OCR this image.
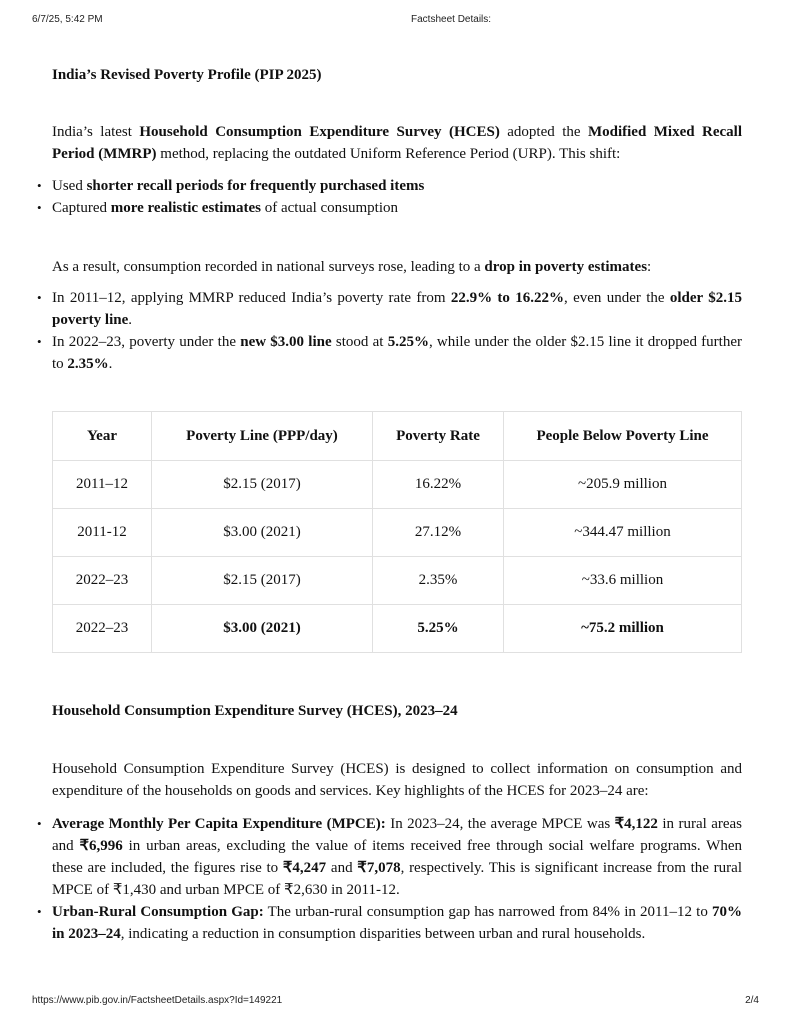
6/7/25, 5:42 PM	Factsheet Details:
India’s Revised Poverty Profile (PIP 2025)

India’s latest Household Consumption Expenditure Survey (HCES) adopted the Modified Mixed Recall Period (MMRP) method, replacing the outdated Uniform Reference Period (URP). This shift:

• Used shorter recall periods for frequently purchased items
• Captured more realistic estimates of actual consumption

As a result, consumption recorded in national surveys rose, leading to a drop in poverty estimates:

• In 2011–12, applying MMRP reduced India’s poverty rate from 22.9% to 16.22%, even under the older $2.15 poverty line.
• In 2022–23, poverty under the new $3.00 line stood at 5.25%, while under the older $2.15 line it dropped further to 2.35%.
Household Consumption Expenditure Survey (HCES), 2023–24

Household Consumption Expenditure Survey (HCES) is designed to collect information on consumption and expenditure of the households on goods and services. Key highlights of the HCES for 2023–24 are:

• Average Monthly Per Capita Expenditure (MPCE): In 2023–24, the average MPCE was ₹4,122 in rural areas and ₹6,996 in urban areas, excluding the value of items received free through social welfare programs. When these are included, the figures rise to ₹4,247 and ₹7,078, respectively. This is significant increase from the rural MPCE of ₹1,430 and urban MPCE of ₹2,630 in 2011-12.
• Urban-Rural Consumption Gap: The urban-rural consumption gap has narrowed from 84% in 2011–12 to 70% in 2023–24, indicating a reduction in consumption disparities between urban and rural households.
Year	Poverty Line (PPP/day)	Poverty Rate	People Below Poverty Line
2011–12	$2.15 (2017)	16.22%	~205.9 million
2011-12	$3.00 (2021)	27.12%	~344.47 million
2022–23	$2.15 (2017)	2.35%	~33.6 million
2022–23	$3.00 (2021)	5.25%	~75.2 million
https://www.pib.gov.in/FactsheetDetails.aspx?Id=149221	2/4
